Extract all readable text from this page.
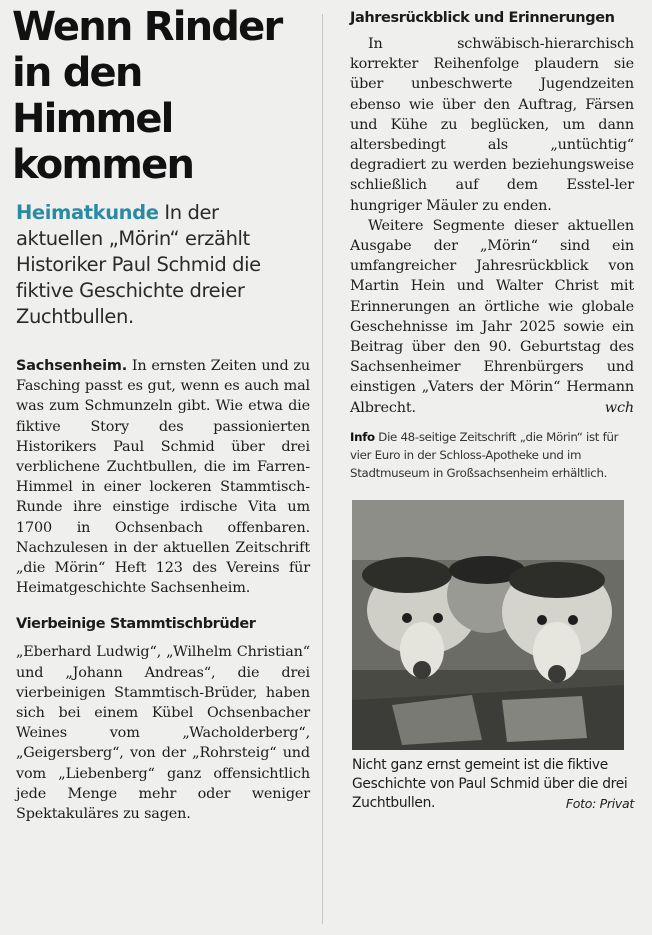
Wenn Rinder
in den Himmel
kommen
Heimatkunde In der aktuellen „Mörin“ erzählt Historiker Paul Schmid die fiktive Geschichte dreier Zuchtbullen.

Sachsenheim. In ernsten Zeiten und zu Fasching passt es gut, wenn es auch mal was zum Schmunzeln gibt. Wie etwa die fiktive Story des passionierten Historikers Paul Schmid über drei verblichene Zuchtbullen, die im Farren-Himmel in einer lockeren Stammtisch-Runde ihre einstige irdische Vita um 1700 in Ochsenbach offenbaren. Nachzulesen in der aktuellen Zeitschrift „die Mörin“ Heft 123 des Vereins für Heimatgeschichte Sachsenheim.

Vierbeinige Stammtischbrüder

„Eberhard Ludwig“, „Wilhelm Christian“ und „Johann Andreas“, die drei vierbeinigen Stammtisch-Brüder, haben sich bei einem Kübel Ochsenbacher Weines vom „Wacholderberg“, „Geigersberg“, von der „Rohrsteig“ und vom „Liebenberg“ ganz offensichtlich jede Menge mehr oder weniger Spektakuläres zu sagen.

Jahresrückblick und Erinnerungen

In schwäbisch-hierarchisch korrekter Reihenfolge plaudern sie über unbeschwerte Jugendzeiten ebenso wie über den Auftrag, Färsen und Kühe zu beglücken, um dann altersbedingt als „untüchtig“ degradiert zu werden beziehungsweise schließlich auf dem Esstel-ler hungriger Mäuler zu enden.

Weitere Segmente dieser aktuellen Ausgabe der „Mörin“ sind ein umfangreicher Jahresrückblick von Martin Hein und Walter Christ mit Erinnerungen an örtliche wie globale Geschehnisse im Jahr 2025 sowie ein Beitrag über den 90. Geburtstag des Sachsenheimer Ehrenbürgers und einstigen „Vaters der Mörin“ Hermann Albrecht.	wch

Info Die 48-seitige Zeitschrift „die Mörin“ ist für vier Euro in der Schloss-Apotheke und im Stadtmuseum in Großsachsenheim erhältlich.
Nicht ganz ernst gemeint ist die fiktive Geschichte von Paul Schmid über die drei Zuchtbullen.	Foto: Privat
